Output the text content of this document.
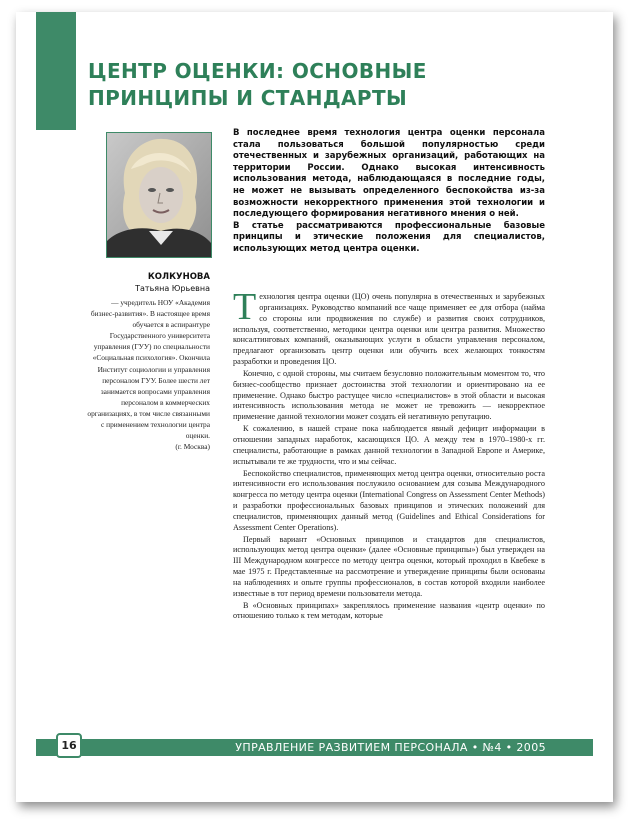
ЦЕНТР ОЦЕНКИ: ОСНОВНЫЕ ПРИНЦИПЫ И СТАНДАРТЫ
КОЛКУНОВА
Татьяна Юрьевна
— учредитель НОУ «Академия бизнес-развития». В настоящее время обучается в аспирантуре Государственного университета управления (ГУУ) по специальности «Социальная психология». Окончила Институт социологии и управления персоналом ГУУ. Более шести лет занимается вопросами управления персоналом в коммерческих организациях, в том числе связанными с применением технологии центра оценки.
(г. Москва)

В последнее время технология центра оценки персонала стала пользоваться большой популярностью среди отечественных и зарубежных организаций, работающих на территории России. Однако высокая интенсивность использования метода, наблюдающаяся в последние годы, не может не вызывать определенного беспокойства из-за возможности некорректного применения этой технологии и последующего формирования негативного мнения о ней.

В статье рассматриваются профессиональные базовые принципы и этические положения для специалистов, использующих метод центра оценки.

Технология центра оценки (ЦО) очень популярна в отечественных и зарубежных организациях. Руководство компаний все чаще применяет ее для отбора (найма со стороны или продвижения по службе) и развития своих сотрудников, используя, соответственно, методики центра оценки или центра развития. Множество консалтинговых компаний, оказывающих услуги в области управления персоналом, предлагают организовать центр оценки или обучить всех желающих тонкостям разработки и проведения ЦО.

Конечно, с одной стороны, мы считаем безусловно положительным моментом то, что бизнес-сообщество признает достоинства этой технологии и ориентировано на ее применение. Однако быстро растущее число «специалистов» в этой области и высокая интенсивность использования метода не может не тревожить — некорректное применение данной технологии может создать ей негативную репутацию.

К сожалению, в нашей стране пока наблюдается явный дефицит информации в отношении западных наработок, касающихся ЦО. А между тем в 1970–1980-х гг. специалисты, работающие в рамках данной технологии в Западной Европе и Америке, испытывали те же трудности, что и мы сейчас.

Беспокойство специалистов, применяющих метод центра оценки, относительно роста интенсивности его использования послужило основанием для созыва Международного конгресса по методу центра оценки (International Congress on Assessment Center Methods) и разработки профессиональных базовых принципов и этических положений для специалистов, применяющих данный метод (Guidelines and Ethical Considerations for Assessment Center Operations).

Первый вариант «Основных принципов и стандартов для специалистов, использующих метод центра оценки» (далее «Основные принципы») был утвержден на III Международном конгрессе по методу центра оценки, который проходил в Квебеке в мае 1975 г. Представленные на рассмотрение и утверждение принципы были основаны на наблюдениях и опыте группы профессионалов, в состав которой входили наиболее известные в тот период времени пользователи метода.

В «Основных принципах» закреплялось применение названия «центр оценки» по отношению только к тем методам, которые

16	УПРАВЛЕНИЕ РАЗВИТИЕМ ПЕРСОНАЛА • №4 • 2005
